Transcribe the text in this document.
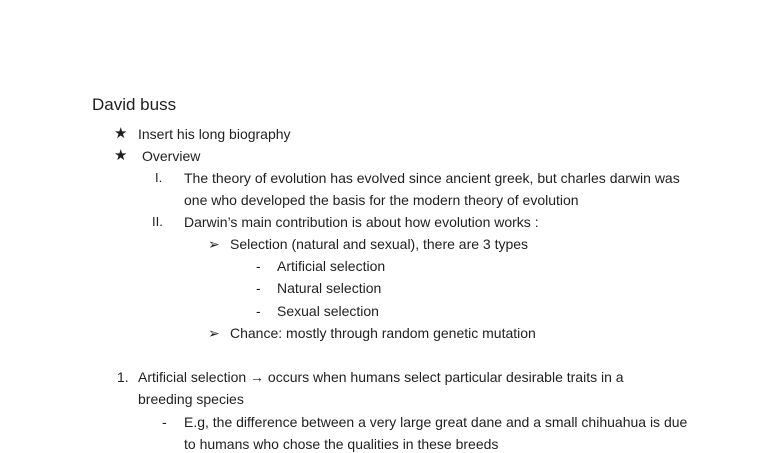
David buss
★ Insert his long biography
★ Overview
I. The theory of evolution has evolved since ancient greek, but charles darwin was
one who developed the basis for the modern theory of evolution
II. Darwin’s main contribution is about how evolution works :
➢ Selection (natural and sexual), there are 3 types
- Artificial selection
- Natural selection
- Sexual selection
➢ Chance: mostly through random genetic mutation
1. Artificial selection → occurs when humans select particular desirable traits in a
breeding species
- E.g, the difference between a very large great dane and a small chihuahua is due
to humans who chose the qualities in these breeds
